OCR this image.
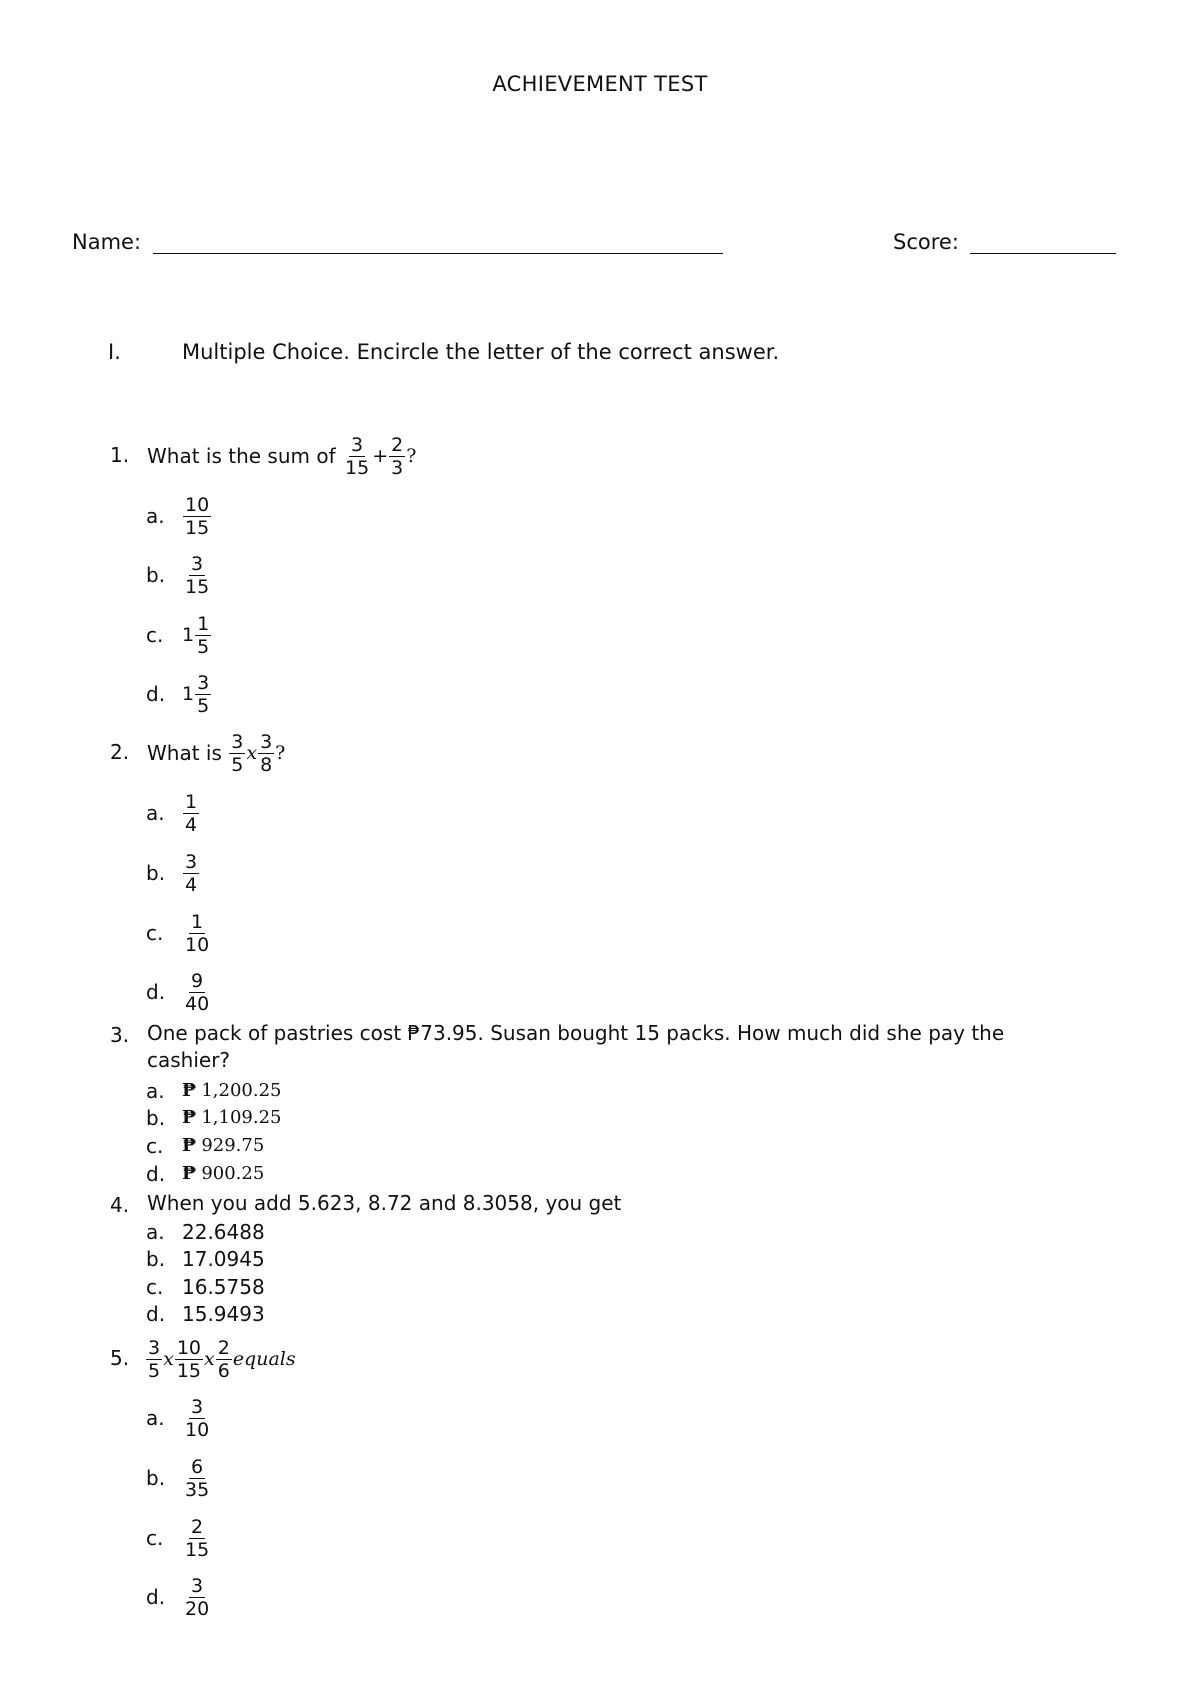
ACHIEVEMENT TEST
Name:	Score:
I.	Multiple Choice. Encircle the letter of the correct answer.
1. What is the sum of
$\frac{3}{15} + \frac{2}{3}$ ?
a. $\frac{10}{15}$
b. $\frac{3}{15}$
c. $1 \frac{1}{5}$
d. $1 \frac{3}{5}$
2. What is
$\frac{3}{5}$ x $\frac{3}{8}$ ?
a. $\frac{1}{4}$
b. $\frac{3}{4}$
c.	$\frac{1}{10}$
d. $\frac{9}{40}$
3. One pack of pastries cost ₱73.95. Susan bought 15 packs. How much did she pay the
cashier?
a. ₱
1,200.25
b. ₱
1,109.25
c.	₱
929.75
d. ₱
900.25
4. When you add 5.623, 8.72 and 8.3058, you get
a. 22.6488
b. 17.0945
c. 16.5758
d. 15.9493
5. $\frac{3}{5}$ x $\frac{10}{15}$ x $\frac{2}{6}$ equals
a. $\frac{3}{10}$
b. $\frac{6}{35}$
c.	$\frac{2}{15}$
d. $\frac{3}{20}$
